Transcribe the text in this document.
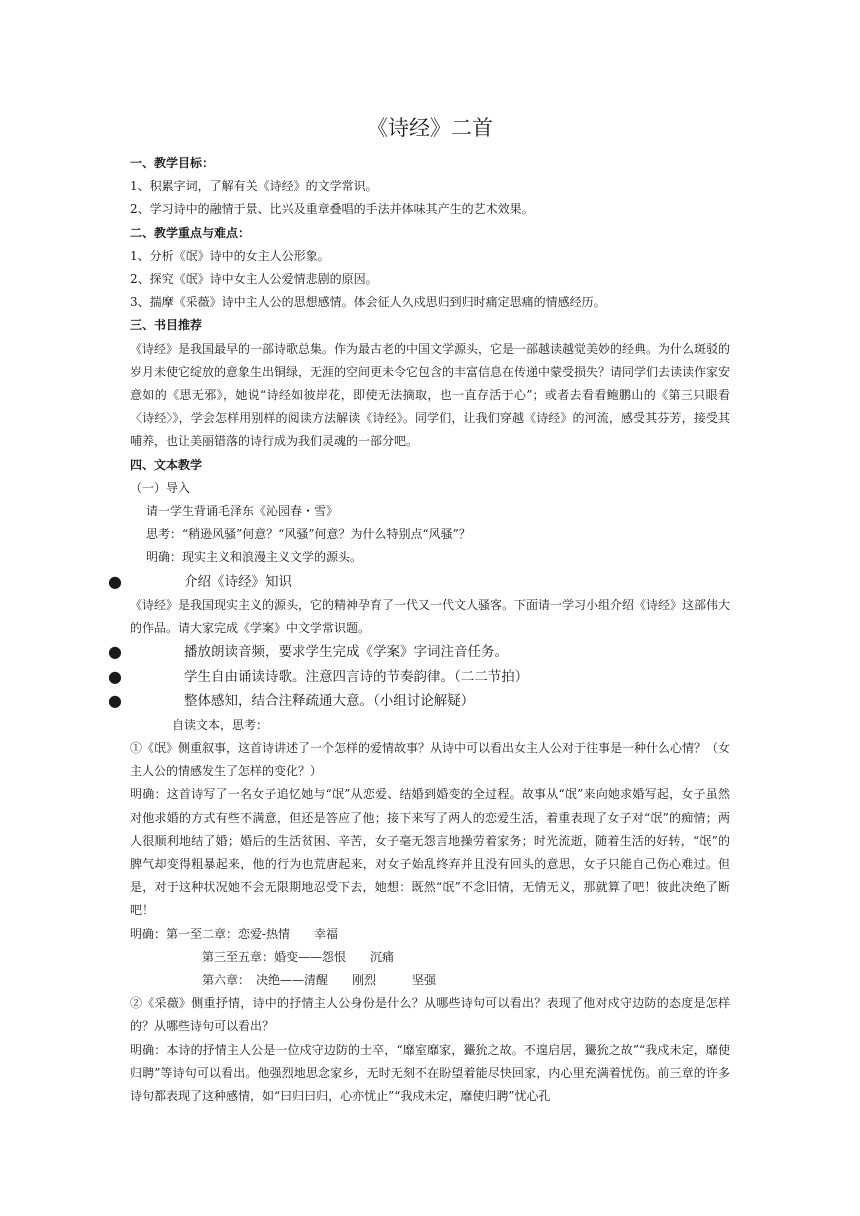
《诗经》二首

一、教学目标：

1、积累字词，了解有关《诗经》的文学常识。

2、学习诗中的融情于景、比兴及重章叠唱的手法并体味其产生的艺术效果。

二、教学重点与难点：

1、分析《氓》诗中的女主人公形象。

2、探究《氓》诗中女主人公爱情悲剧的原因。

3、揣摩《采薇》诗中主人公的思想感情。体会征人久戍思归到归时痛定思痛的情感经历。

三、书目推荐

《诗经》是我国最早的一部诗歌总集。作为最古老的中国文学源头，它是一部越读越觉美妙的经典。为什么斑驳的岁月未使它绽放的意象生出铜绿，无涯的空间更未令它包含的丰富信息在传递中蒙受损失？请同学们去读读作家安意如的《思无邪》，她说“诗经如彼岸花，即使无法摘取，也一直存活于心”；或者去看看鲍鹏山的《第三只眼看〈诗经〉》，学会怎样用别样的阅读方法解读《诗经》。同学们，让我们穿越《诗经》的河流，感受其芬芳，接受其哺养，也让美丽错落的诗行成为我们灵魂的一部分吧。

四、文本教学

（一）导入

请一学生背诵毛泽东《沁园春・雪》

思考：“稍逊风骚”何意？“风骚”何意？为什么特别点“风骚”？

明确：现实主义和浪漫主义文学的源头。

●	介绍《诗经》知识

《诗经》是我国现实主义的源头，它的精神孕育了一代又一代文人骚客。下面请一学习小组介绍《诗经》这部伟大的作品。请大家完成《学案》中文学常识题。

●	播放朗读音频，要求学生完成《学案》字词注音任务。

●	学生自由诵读诗歌。注意四言诗的节奏韵律。（二二节拍）

●	整体感知，结合注释疏通大意。（小组讨论解疑）

自读文本，思考：

①《氓》侧重叙事，这首诗讲述了一个怎样的爱情故事？从诗中可以看出女主人公对于往事是一种什么心情？（女主人公的情感发生了怎样的变化？）

明确：这首诗写了一名女子追忆她与“氓”从恋爱、结婚到婚变的全过程。故事从“氓”来向她求婚写起，女子虽然对他求婚的方式有些不满意，但还是答应了他；接下来写了两人的恋爱生活，着重表现了女子对“氓”的痴情；两人很顺利地结了婚；婚后的生活贫困、辛苦，女子毫无怨言地操劳着家务；时光流逝，随着生活的好转，“氓”的脾气却变得粗暴起来，他的行为也荒唐起来，对女子始乱终弃并且没有回头的意思，女子只能自己伤心难过。但是，对于这种状况她不会无限期地忍受下去，她想：既然“氓”不念旧情，无情无义，那就算了吧！彼此决绝了断吧！

明确：第一至二章：恋爱-热情　　幸福

第三至五章：婚变——怨恨　　沉痛

第六章：　决绝——清醒　　刚烈　　　坚强

②《采薇》侧重抒情，诗中的抒情主人公身份是什么？从哪些诗句可以看出？表现了他对戍守边防的态度是怎样的？从哪些诗句可以看出？

明确：本诗的抒情主人公是一位戍守边防的士卒，“靡室靡家，玁狁之故。不遑启居，玁狁之故”“我戍未定，靡使归聘”等诗句可以看出。他强烈地思念家乡，无时无刻不在盼望着能尽快回家，内心里充满着忧伤。前三章的许多诗句都表现了这种感情，如“曰归曰归，心亦忧止”“我戍未定，靡使归聘”忧心孔
